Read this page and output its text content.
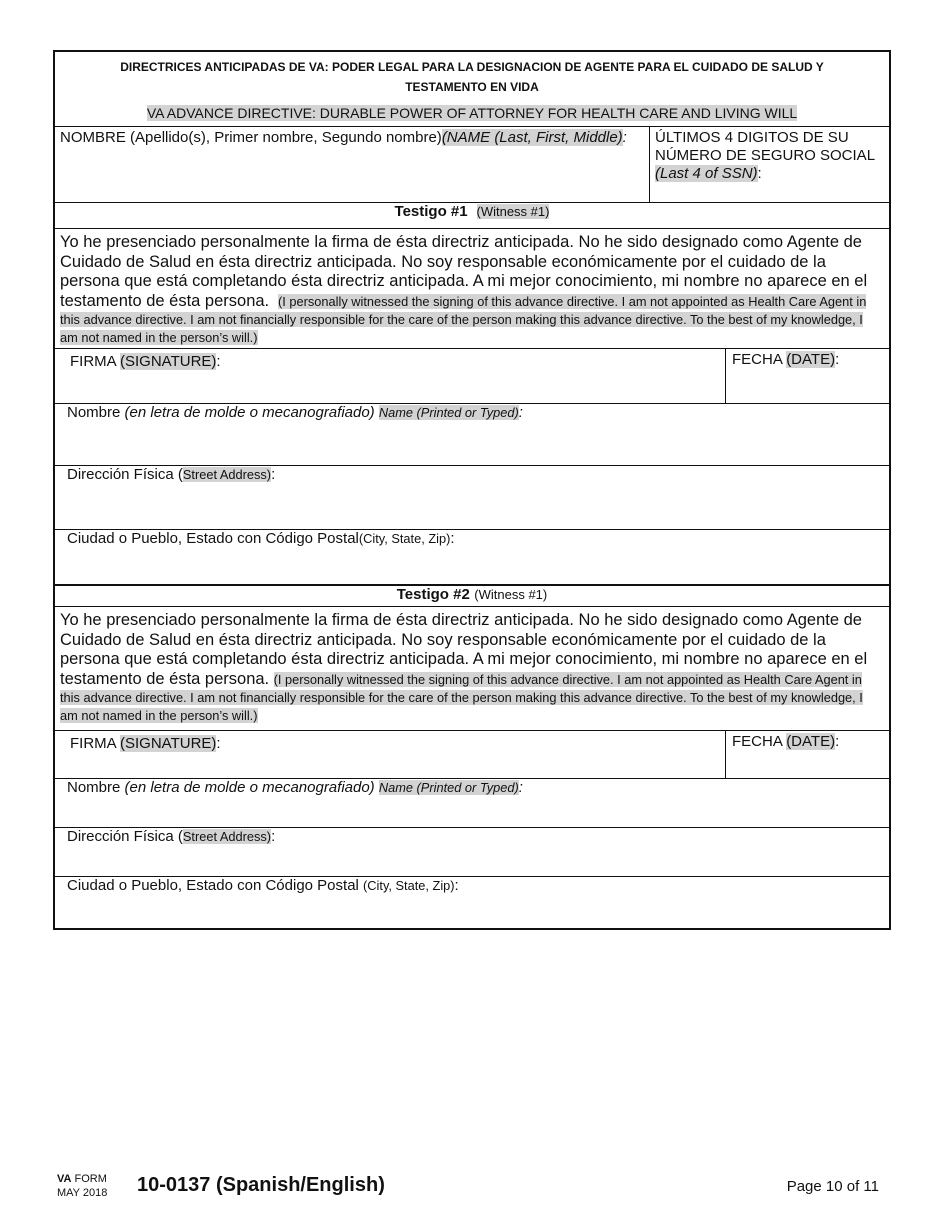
DIRECTRICES ANTICIPADAS DE VA: PODER LEGAL PARA LA DESIGNACION DE AGENTE PARA EL CUIDADO DE SALUD Y TESTAMENTO EN VIDA
VA ADVANCE DIRECTIVE: DURABLE POWER OF ATTORNEY FOR HEALTH CARE AND LIVING WILL
NOMBRE (Apellido(s), Primer nombre, Segundo nombre)(NAME (Last, First, Middle):	ÚLTIMOS 4 DIGITOS DE SU NÚMERO DE SEGURO SOCIAL
(Last 4 of SSN):
Testigo #1 (Witness #1)
Yo he presenciado personalmente la firma de ésta directriz anticipada. No he sido designado como Agente de Cuidado de Salud en ésta directriz anticipada. No soy responsable económicamente por el cuidado de la persona que está completando ésta directriz anticipada. A mi mejor conocimiento, mi nombre no aparece en el testamento de ésta persona. (I personally witnessed the signing of this advance directive. I am not appointed as Health Care Agent in this advance directive. I am not financially responsible for the care of the person making this advance directive. To the best of my knowledge, I am not named in the person’s will.)
FIRMA (SIGNATURE):	FECHA (DATE):
Nombre (en letra de molde o mecanografiado) Name (Printed or Typed):
Dirección Física (Street Address):
Ciudad o Pueblo, Estado con Código Postal(City, State, Zip):
Testigo #2 (Witness #1)
Yo he presenciado personalmente la firma de ésta directriz anticipada. No he sido designado como Agente de Cuidado de Salud en ésta directriz anticipada. No soy responsable económicamente por el cuidado de la persona que está completando ésta directriz anticipada. A mi mejor conocimiento, mi nombre no aparece en el testamento de ésta persona. (I personally witnessed the signing of this advance directive. I am not appointed as Health Care Agent in this advance directive. I am not financially responsible for the care of the person making this advance directive. To the best of my knowledge, I am not named in the person’s will.)
FIRMA (SIGNATURE):	FECHA (DATE):
Nombre (en letra de molde o mecanografiado) Name (Printed or Typed):
Dirección Física (Street Address):
Ciudad o Pueblo, Estado con Código Postal (City, State, Zip):
VA FORM
MAY 2018 10-0137 (Spanish/English)	Page 10 of 11
